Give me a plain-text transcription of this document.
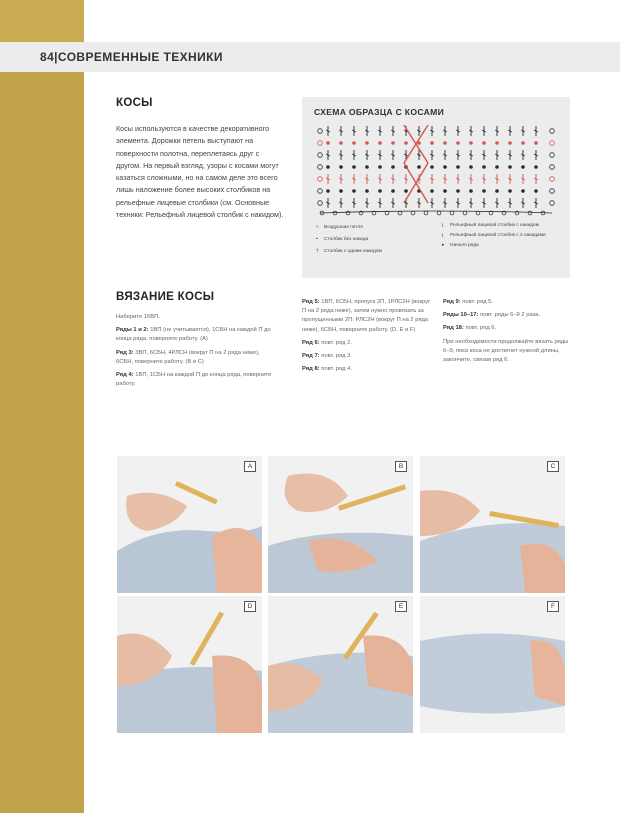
84|СОВРЕМЕННЫЕ ТЕХНИКИ
КОСЫ
Косы используются в качестве декоративного элемента. Дорожки петель выступают на поверхности полотна, переплетаясь друг с другом. На первый взгляд, узоры с косами могут казаться сложными, но на самом деле это всего лишь наложение более высоких столбиков на рельефные лицевые столбики (см. Основные техники: Рельефный лицевой столбик с накидом).
СХЕМА ОБРАЗЦА С КОСАМИ
○ Воздушная петля
• Столбик без накида
† Столбик с одним накидом
ʅ Рельефный лицевой столбик с накидом
ʅ Рельефный лицевой столбик с 2 накидами
▸ Начало ряда
ВЯЗАНИЕ КОСЫ

Наберите 16ВП.

Ряды 1 и 2: 1ВП (не учитывается), 1СБН на каждой П до конца ряда, поверните работу. (А)

Ряд 3: 3ВП, 6СБН, 4РЛСН (вокруг П на 2 ряда ниже), 6СБН, поверните работу. (В и С)

Ряд 4: 1ВП, 1СБН на каждой П до конца ряда, поверните работу.

Ряд 5: 1ВП, 6СБН, пропуск 2П, 1РЛС2Н (вокруг П на 2 ряда ниже), затем нужно провязать за пропущенными 2П: РЛС2Н (вокруг П на 2 ряда ниже), 6СБН, поверните работу. (D, E и F)

Ряд 6: повт. ряд 2.

Ряд 7: повт. ряд 3.

Ряд 8: повт. ряд 4.

Ряд 9: повт. ряд 5.

Ряды 10–17: повт. ряды 6–9 2 раза.

Ряд 18: повт. ряд 6.

При необходимости продолжайте вязать ряды 6–9, пока коса не достигнет нужной длины, закончите, связав ряд 6.

A	B	C
D	E	F
